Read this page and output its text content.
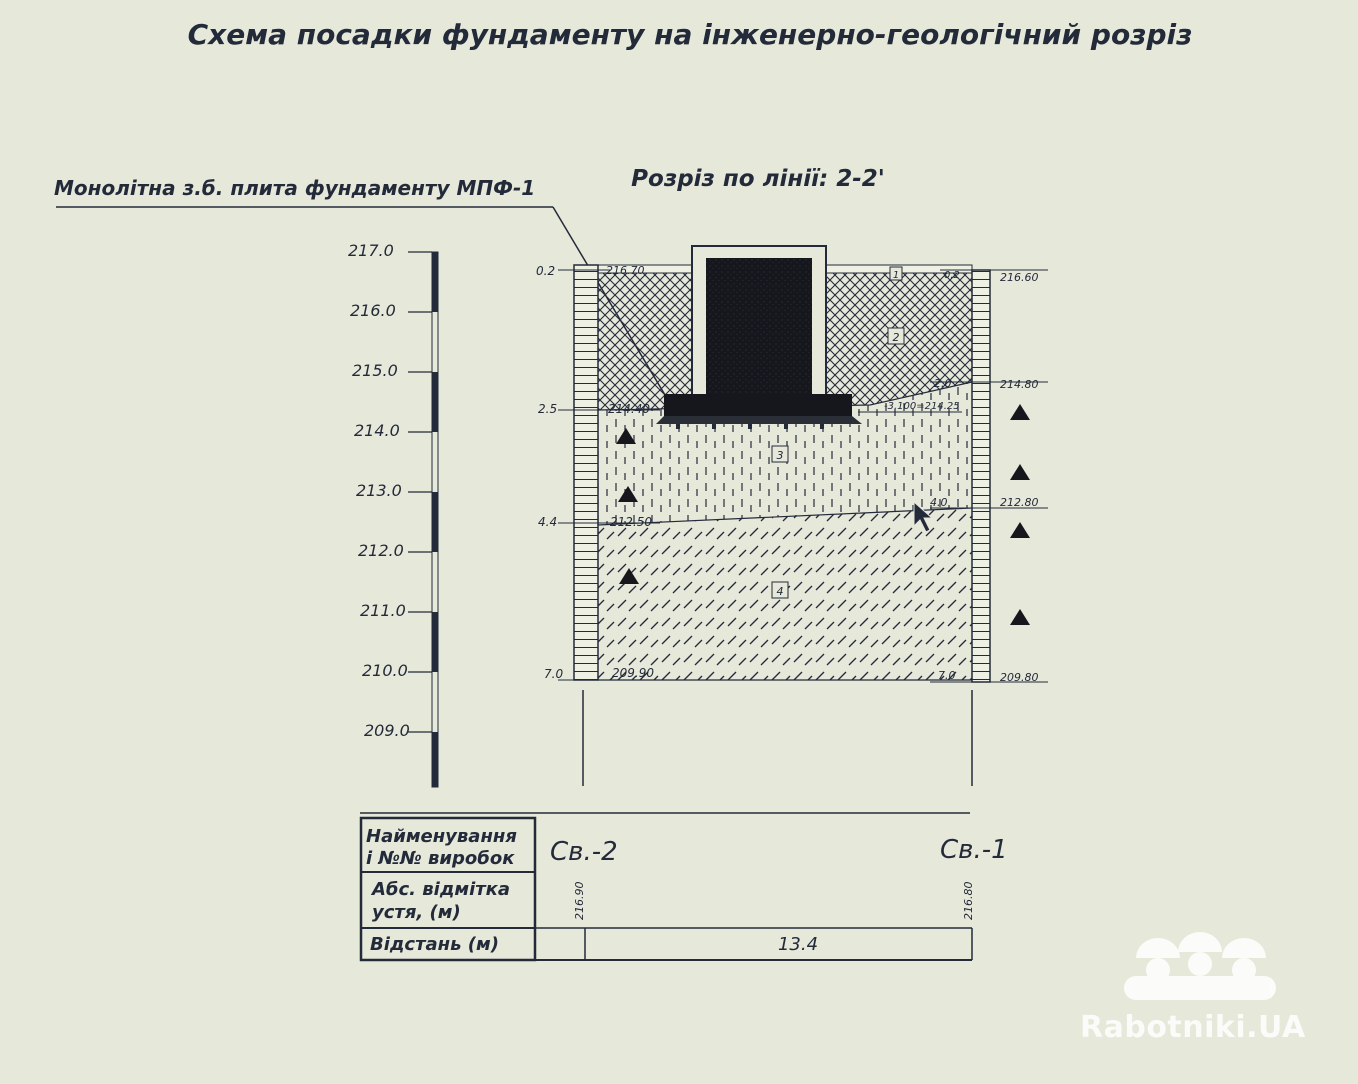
Схема посадки фундаменту на інженерно-геологічний розріз
Розріз по лінії: 2-2'
Монолітна з.б. плита фундаменту МПФ-1
217.0
216.0
215.0
214.0
213.0
212.0
211.0
210.0
209.0
-3.100=214.25
1
2
3
4
0.2
2.5
4.4
7.0
216.70
214.40
212.50
209.90
0.2
2.0
4.0
7.0
216.60
214.80
212.80
209.80
Найменування і №№ виробок
Абс. відмітка устя, (м)
Відстань (м)
Св.-2	Св.-1
216.90	216.80
13.4
Rabotniki.UA
